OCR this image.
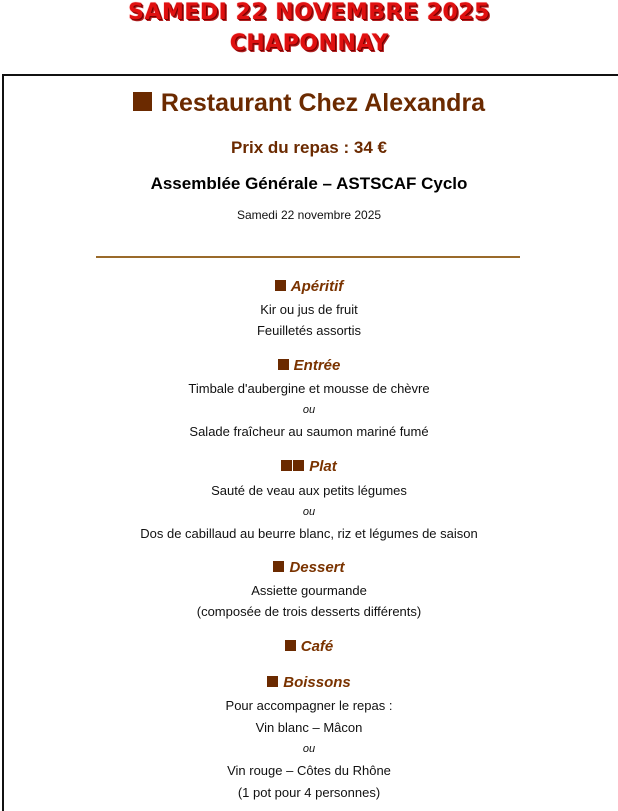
SAMEDI 22 NOVEMBRE 2025
CHAPONNAY
Restaurant Chez Alexandra
Prix du repas : 34 €
Assemblée Générale – ASTSCAF Cyclo
Samedi 22 novembre 2025
Apéritif
Kir ou jus de fruit
Feuilletés assortis
Entrée
Timbale d'aubergine et mousse de chèvre
ou
Salade fraîcheur au saumon mariné fumé
Plat
Sauté de veau aux petits légumes
ou
Dos de cabillaud au beurre blanc, riz et légumes de saison
Dessert
Assiette gourmande
(composée de trois desserts différents)
Café
Boissons
Pour accompagner le repas :
Vin blanc – Mâcon
ou
Vin rouge – Côtes du Rhône
(1 pot pour 4 personnes)
